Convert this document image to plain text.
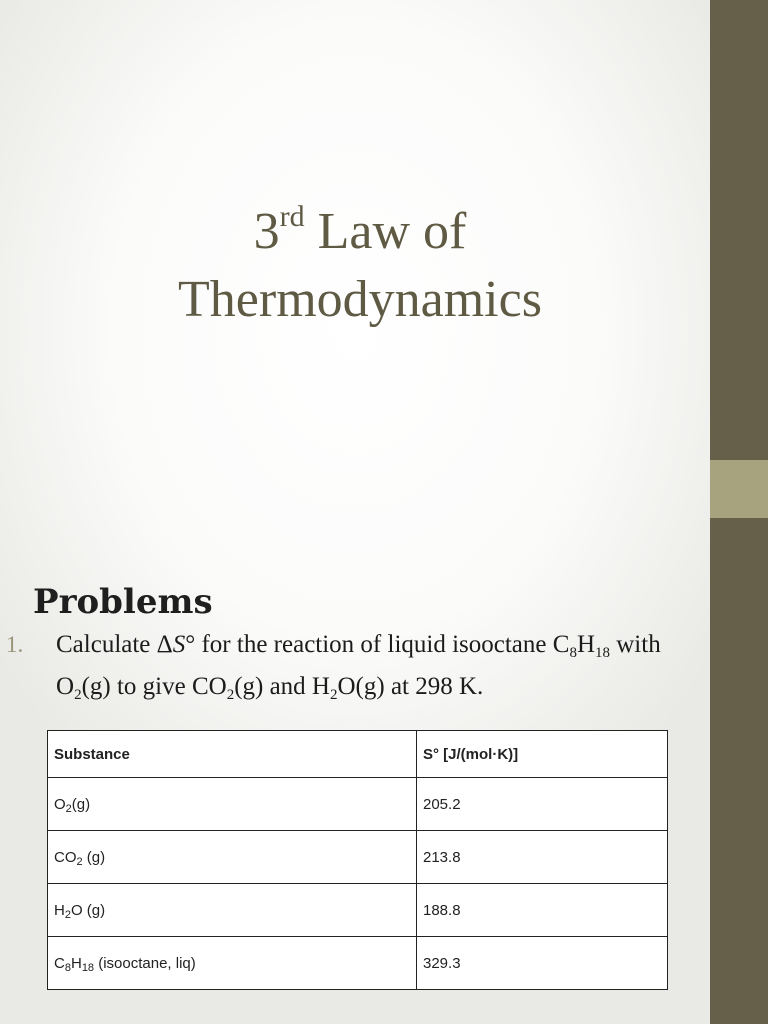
3rd Law of
Thermodynamics
Problems
1. Calculate ΔS° for the reaction of liquid isooctane $C_8H_{18}$ with $O_2(g)$ to give $CO_2(g)$ and $H_2O(g)$ at 298 K.
Substance	S° [J/(mol·K)]
$O_2(g)$	205.2
$CO_2$ (g)	213.8
$H_2O$ (g)	188.8
$C_8H_{18}$ (isooctane, liq)	329.3
